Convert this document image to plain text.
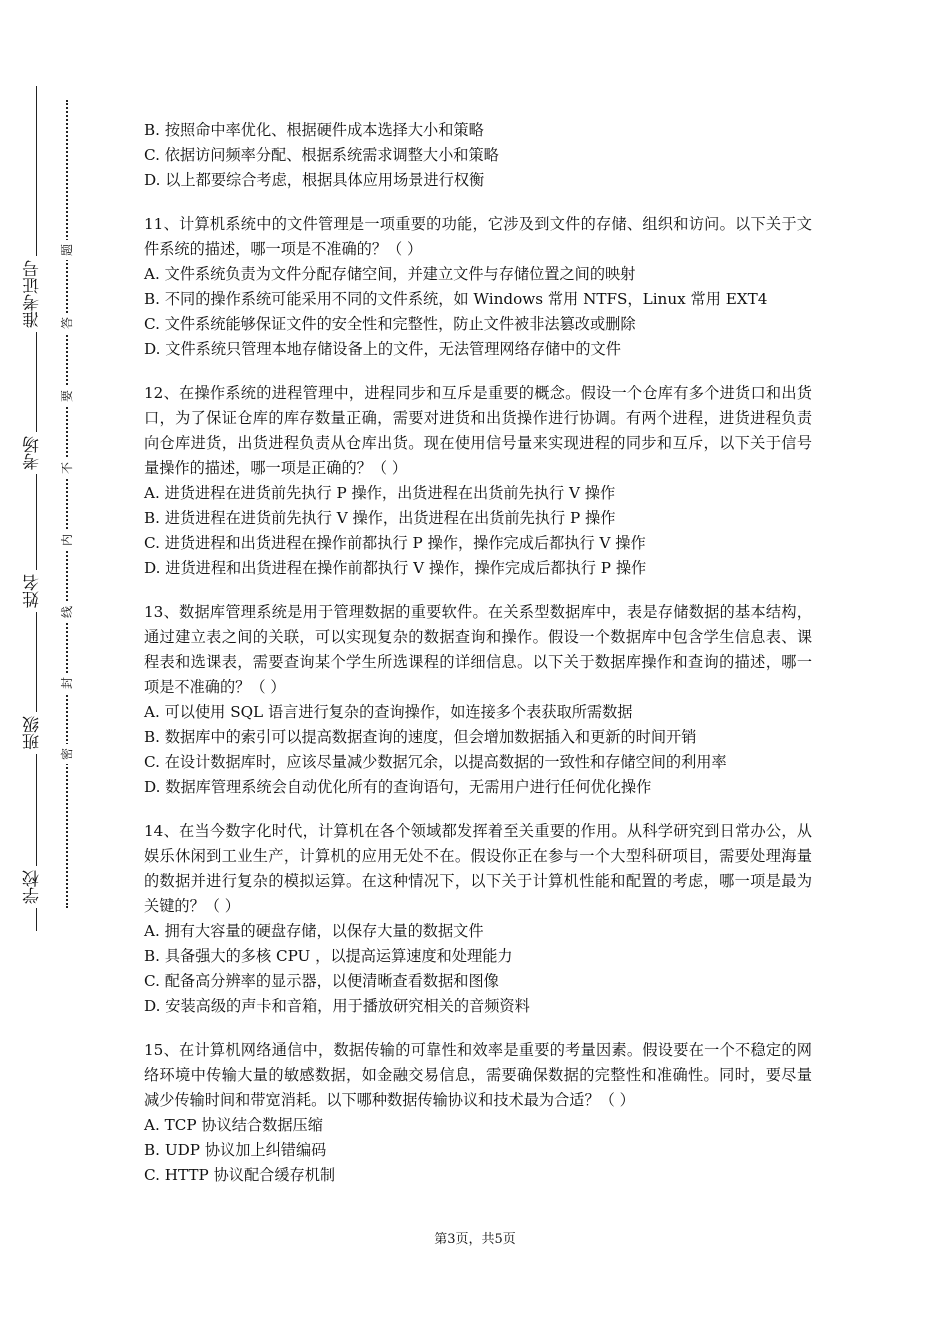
准考证号
考场
姓名
班级
学校
题
答
要
不
内
线
封
密

B. 按照命中率优化、根据硬件成本选择大小和策略

C. 依据访问频率分配、根据系统需求调整大小和策略

D. 以上都要综合考虑，根据具体应用场景进行权衡

11、计算机系统中的文件管理是一项重要的功能，它涉及到文件的存储、组织和访问。以下关于文件系统的描述，哪一项是不准确的？（ ）

A. 文件系统负责为文件分配存储空间，并建立文件与存储位置之间的映射

B. 不同的操作系统可能采用不同的文件系统，如 Windows 常用 NTFS，Linux 常用 EXT4

C. 文件系统能够保证文件的安全性和完整性，防止文件被非法篡改或删除

D. 文件系统只管理本地存储设备上的文件，无法管理网络存储中的文件

12、在操作系统的进程管理中，进程同步和互斥是重要的概念。假设一个仓库有多个进货口和出货口，为了保证仓库的库存数量正确，需要对进货和出货操作进行协调。有两个进程，进货进程负责向仓库进货，出货进程负责从仓库出货。现在使用信号量来实现进程的同步和互斥，以下关于信号量操作的描述，哪一项是正确的？（ ）

A. 进货进程在进货前先执行 P 操作，出货进程在出货前先执行 V 操作

B. 进货进程在进货前先执行 V 操作，出货进程在出货前先执行 P 操作

C. 进货进程和出货进程在操作前都执行 P 操作，操作完成后都执行 V 操作

D. 进货进程和出货进程在操作前都执行 V 操作，操作完成后都执行 P 操作

13、数据库管理系统是用于管理数据的重要软件。在关系型数据库中，表是存储数据的基本结构，通过建立表之间的关联，可以实现复杂的数据查询和操作。假设一个数据库中包含学生信息表、课程表和选课表，需要查询某个学生所选课程的详细信息。以下关于数据库操作和查询的描述，哪一项是不准确的？（ ）

A. 可以使用 SQL 语言进行复杂的查询操作，如连接多个表获取所需数据

B. 数据库中的索引可以提高数据查询的速度，但会增加数据插入和更新的时间开销

C. 在设计数据库时，应该尽量减少数据冗余，以提高数据的一致性和存储空间的利用率

D. 数据库管理系统会自动优化所有的查询语句，无需用户进行任何优化操作

14、在当今数字化时代，计算机在各个领域都发挥着至关重要的作用。从科学研究到日常办公，从娱乐休闲到工业生产，计算机的应用无处不在。假设你正在参与一个大型科研项目，需要处理海量的数据并进行复杂的模拟运算。在这种情况下，以下关于计算机性能和配置的考虑，哪一项是最为关键的？（ ）

A. 拥有大容量的硬盘存储，以保存大量的数据文件

B. 具备强大的多核 CPU ，以提高运算速度和处理能力

C. 配备高分辨率的显示器，以便清晰查看数据和图像

D. 安装高级的声卡和音箱，用于播放研究相关的音频资料

15、在计算机网络通信中，数据传输的可靠性和效率是重要的考量因素。假设要在一个不稳定的网络环境中传输大量的敏感数据，如金融交易信息，需要确保数据的完整性和准确性。同时，要尽量减少传输时间和带宽消耗。以下哪种数据传输协议和技术最为合适？（ ）

A. TCP 协议结合数据压缩

B. UDP 协议加上纠错编码

C. HTTP 协议配合缓存机制

第3页，共5页
